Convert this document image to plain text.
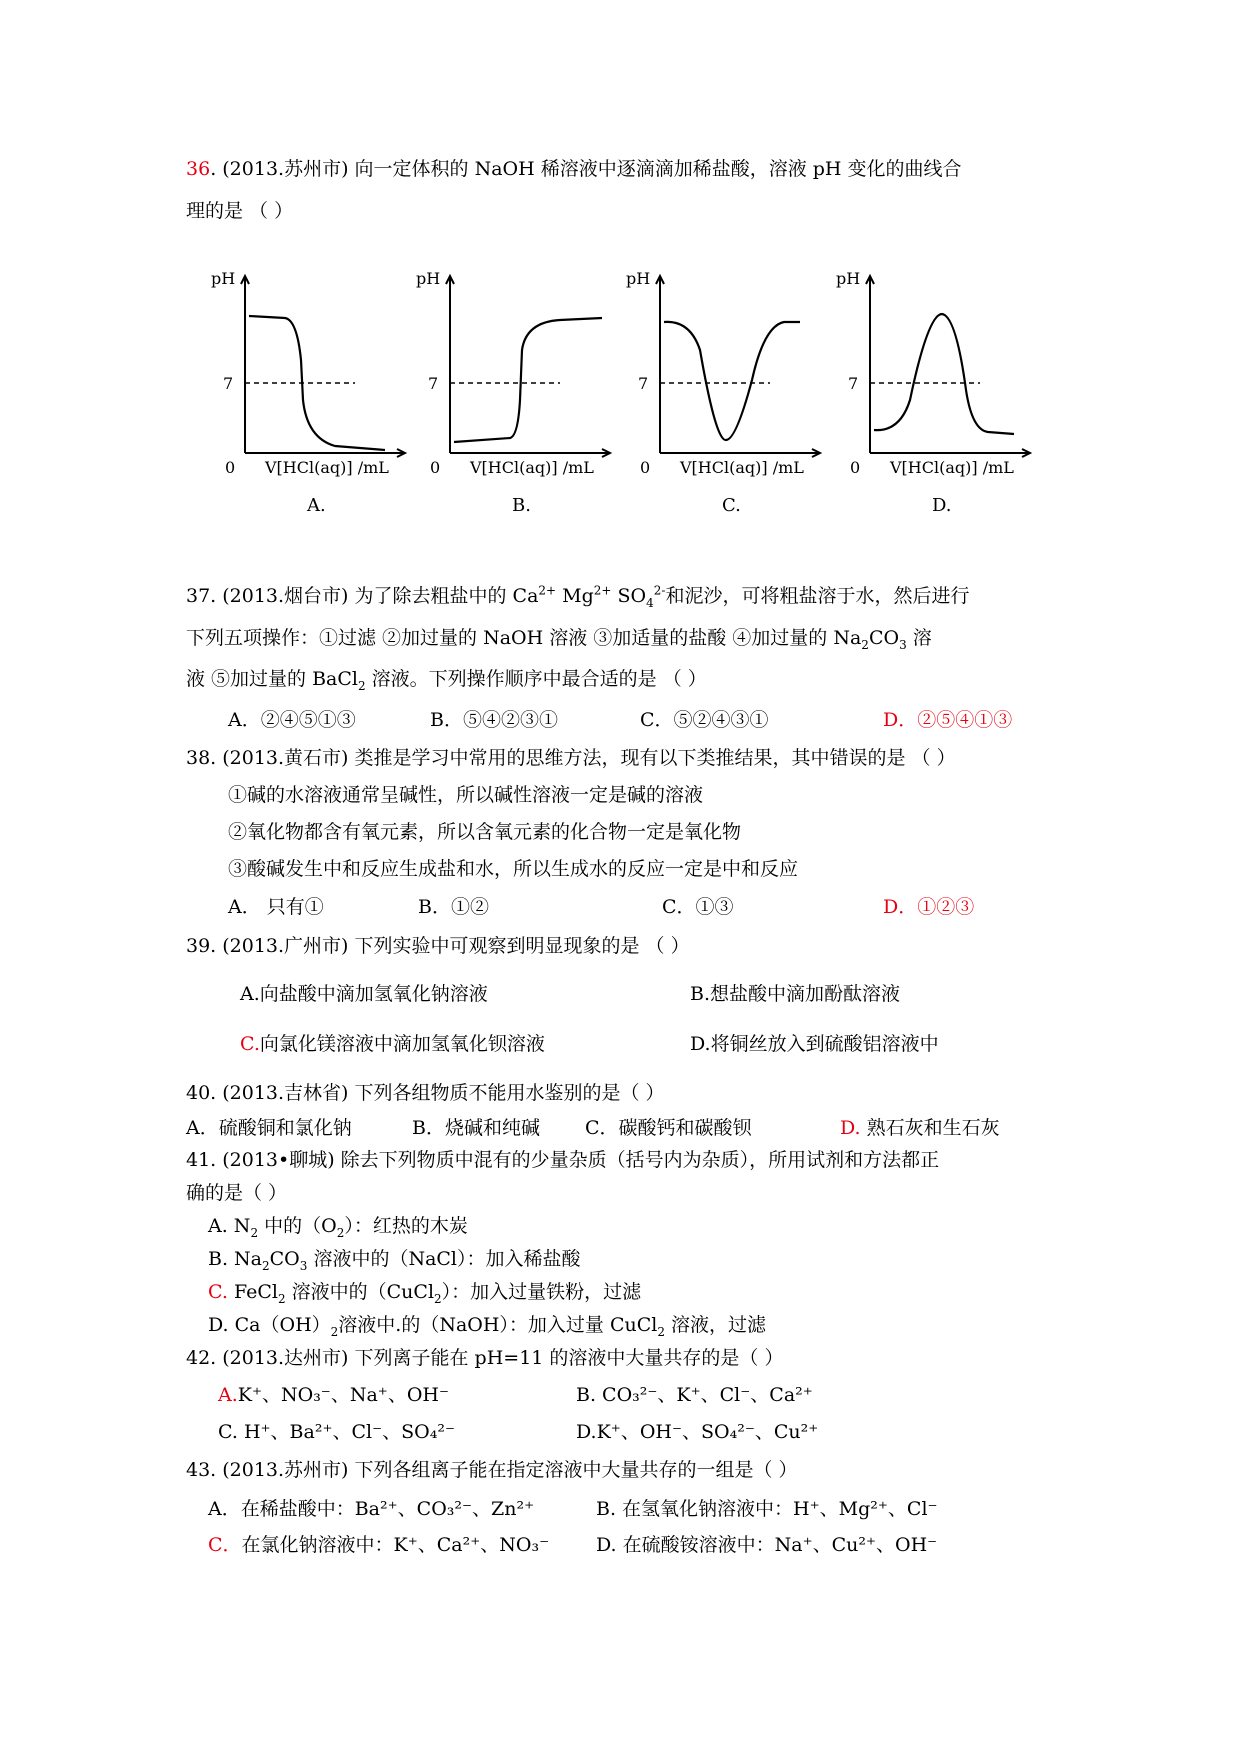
36. (2013.苏州市) 向一定体积的 NaOH 稀溶液中逐滴滴加稀盐酸，溶液 pH 变化的曲线合
理的是 （ ）
pH
7
0 V[HCl(aq)] /mL
A.
pH
7
0 V[HCl(aq)] /mL
B.
pH
7
0 V[HCl(aq)] /mL
C.
pH
7
0 V[HCl(aq)] /mL
D.
37. (2013.烟台市) 为了除去粗盐中的 $Ca^{2+}$ $Mg^{2+}$ $SO_4^{2-}$和泥沙，可将粗盐溶于水，然后进行
下列五项操作：①过滤 ②加过量的 NaOH 溶液 ③加适量的盐酸 ④加过量的 $Na_2CO_3$ 溶
液 ⑤加过量的 BaCl$_2$ 溶液。下列操作顺序中最合适的是 （ ）
A．②④⑤①③	B．⑤④②③①	C．⑤②④③①	D．②⑤④①③
38. (2013.黄石市) 类推是学习中常用的思维方法，现有以下类推结果，其中错误的是 （ ）
①碱的水溶液通常呈碱性，所以碱性溶液一定是碱的溶液
②氧化物都含有氧元素，所以含氧元素的化合物一定是氧化物
③酸碱发生中和反应生成盐和水，所以生成水的反应一定是中和反应
A． 只有①	B．①②	C．①③	D．①②③
39. (2013.广州市) 下列实验中可观察到明显现象的是 （ ）
A.向盐酸中滴加氢氧化钠溶液	B.想盐酸中滴加酚酞溶液
C.向氯化镁溶液中滴加氢氧化钡溶液	D.将铜丝放入到硫酸铝溶液中
40. (2013.吉林省) 下列各组物质不能用水鉴别的是（ ）
A．硫酸铜和氯化钠	B．烧碱和纯碱 C．碳酸钙和碳酸钡	D. 熟石灰和生石灰
41. (2013•聊城) 除去下列物质中混有的少量杂质（括号内为杂质），所用试剂和方法都正
确的是（ ）
A. $N_2$ 中的$(O_2)$：红热的木炭
B. $Na_2CO_3$ 溶液中的（NaCl）：加入稀盐酸
C. FeCl$_2$ 溶液中的（CuCl$_2$）：加入过量铁粉，过滤
D. $Ca(OH)_2$溶液中.的（NaOH）：加入过量 CuCl$_2$ 溶液，过滤
42. (2013.达州市) 下列离子能在 pH=11 的溶液中大量共存的是（ ）
A.K⁺、NO₃⁻、Na⁺、OH⁻	B. CO₃²⁻、K⁺、Cl⁻、Ca²⁺
C. H⁺、Ba²⁺、Cl⁻、SO₄²⁻	D.K⁺、OH⁻、SO₄²⁻、Cu²⁺
43. (2013.苏州市) 下列各组离子能在指定溶液中大量共存的一组是（ ）
A．在稀盐酸中：Ba²⁺、CO₃²⁻、Zn²⁺	B. 在氢氧化钠溶液中：H⁺、Mg²⁺、Cl⁻
C．在氯化钠溶液中：K⁺、Ca²⁺、NO₃⁻ D. 在硫酸铵溶液中：Na⁺、Cu²⁺、OH⁻
